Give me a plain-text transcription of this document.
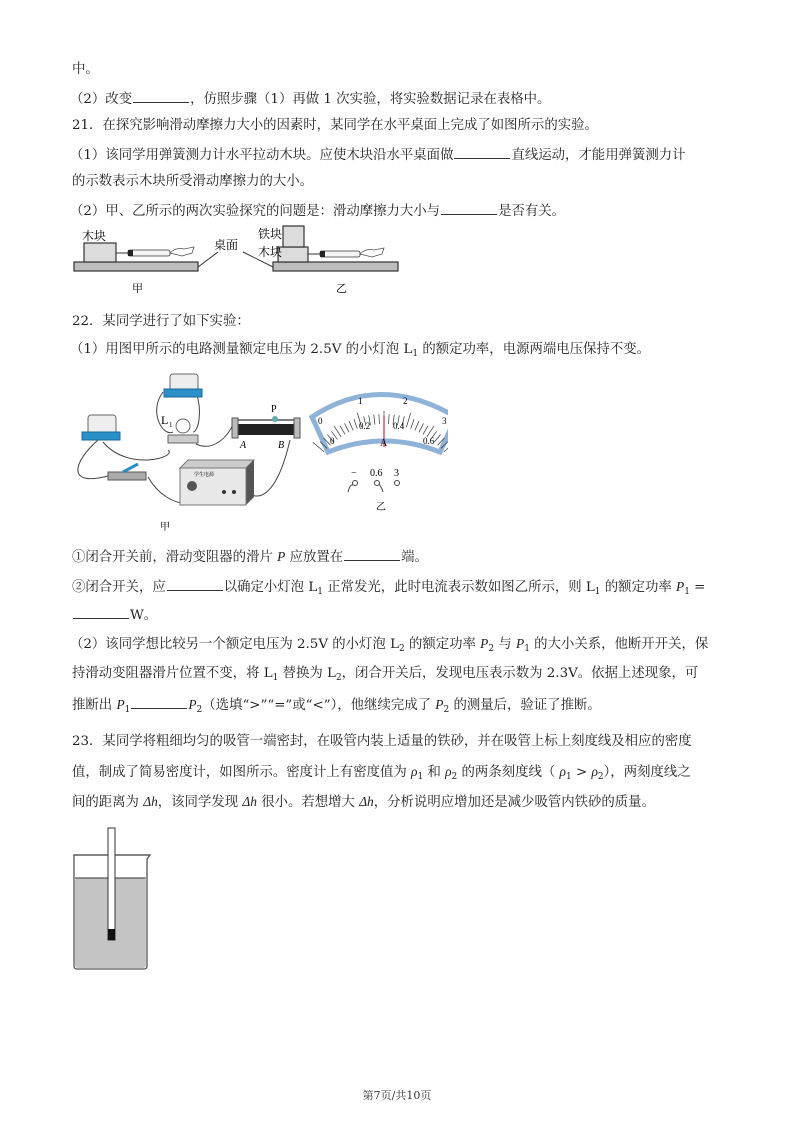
中。
（2）改变	，仿照步骤（1）再做 1 次实验，将实验数据记录在表格中。
21．在探究影响滑动摩擦力大小的因素时，某同学在水平桌面上完成了如图所示的实验。
（1）该同学用弹簧测力计水平拉动木块。应使木块沿水平桌面做	直线运动，才能用弹簧测力计
的示数表示木块所受滑动摩擦力的大小。
（2）甲、乙所示的两次实验探究的问题是：滑动摩擦力大小与	是否有关。
木块
甲
桌面
铁块
木块
乙
22．某同学进行了如下实验：
（1）用图甲所示的电路测量额定电压为 2.5V 的小灯泡 $L_1$ 的额定功率，电源两端电压保持不变。
L 1
P
A	B
学生电源
甲
0
1	2
3
0
0.2	0.4
0.6
A
− 0.6 3
乙
①闭合开关前，滑动变阻器的滑片 P 应放置在	端。
②闭合开关，应	以确定小灯泡 $L_1$ 正常发光，此时电流表示数如图乙所示，则 $L_1$ 的额定功率 $P_1$ =
W。
（2）该同学想比较另一个额定电压为 2.5V 的小灯泡 $L_2$ 的额定功率 $P_2$ 与 $P_1$ 的大小关系，他断开开关，保
持滑动变阻器滑片位置不变，将 $L_1$ 替换为 $L_2$，闭合开关后，发现电压表示数为 2.3V。依据上述现象，可
推断出 $P_1$	$P_2$（选填“>”“=”或“<”），他继续完成了 $P_2$ 的测量后，验证了推断。
23．某同学将粗细均匀的吸管一端密封，在吸管内装上适量的铁砂，并在吸管上标上刻度线及相应的密度
值，制成了简易密度计，如图所示。密度计上有密度值为 $\rho_1$ 和 $\rho_2$ 的两条刻度线（ $\rho_1 > \rho_2$），两刻度线之
间的距离为 Δh，该同学发现 Δh 很小。若想增大 Δh，分析说明应增加还是减少吸管内铁砂的质量。
第7页/共10页
